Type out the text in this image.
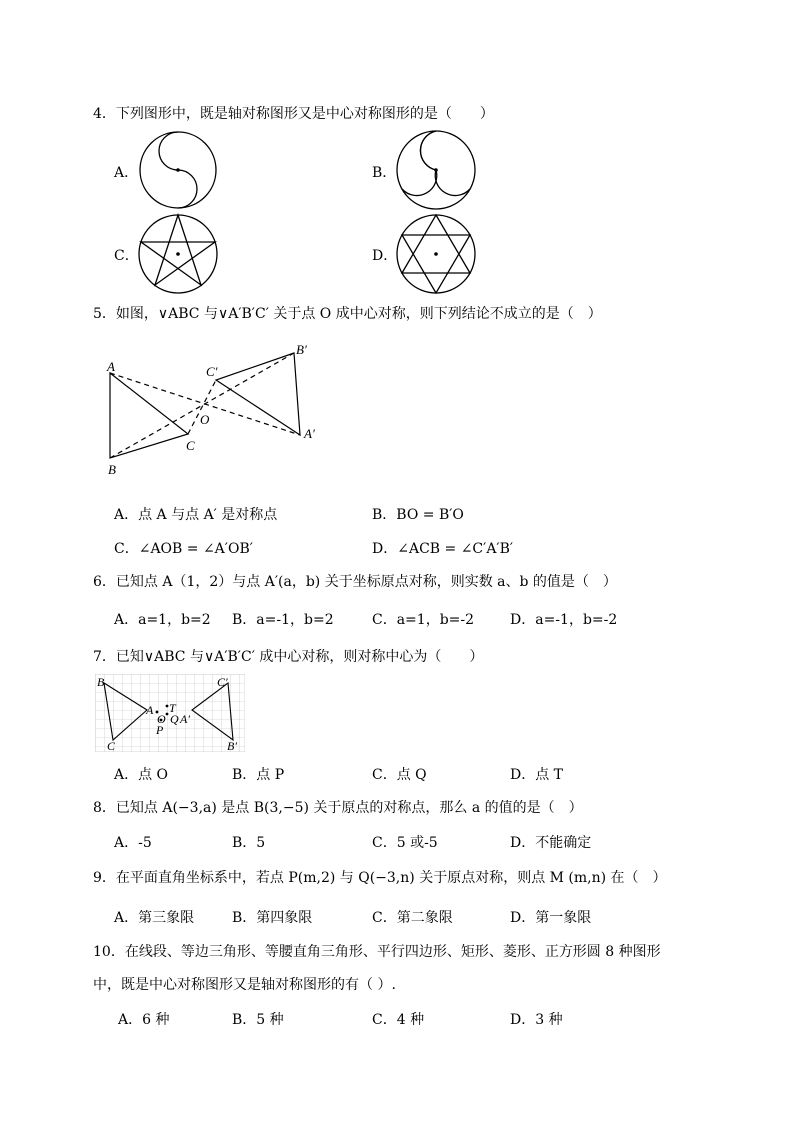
4．下列图形中，既是轴对称图形又是中心对称图形的是（　　）
A．	B．
C．	D．
5．如图，∨ABC 与∨A′B′C′ 关于点 O 成中心对称，则下列结论不成立的是（　）
A
B
C
O
A′
B′
C′
A．点 A 与点 A′ 是对称点	B．BO = B′O
C．∠AOB = ∠A′OB′	D．∠ACB = ∠C′A′B′
6．已知点 A（1，2）与点 A′(a，b) 关于坐标原点对称，则实数 a、b 的值是（　）
A．a=1，b=2 B．a=-1，b=2	C．a=1，b=-2	D．a=-1，b=-2
7．已知∨ABC 与∨A′B′C′ 成中心对称，则对称中心为（　　）
B
A
C
O
T
Q
P
A′
C′
B′
A．点 O	B．点 P	C．点 Q	D．点 T
8．已知点 A(−3,a) 是点 B(3,−5) 关于原点的对称点，那么 a 的值的是（　）
A．-5	B．5	C．5 或-5	D．不能确定
9．在平面直角坐标系中，若点 P(m,2) 与 Q(−3,n) 关于原点对称，则点 M (m,n) 在（　）
A．第三象限	B．第四象限	C．第二象限	D．第一象限
10．在线段、等边三角形、等腰直角三角形、平行四边形、矩形、菱形、正方形圆 8 种图形
中，既是中心对称图形又是轴对称图形的有（ ）.
A．6 种	B．5 种	C．4 种	D．3 种
